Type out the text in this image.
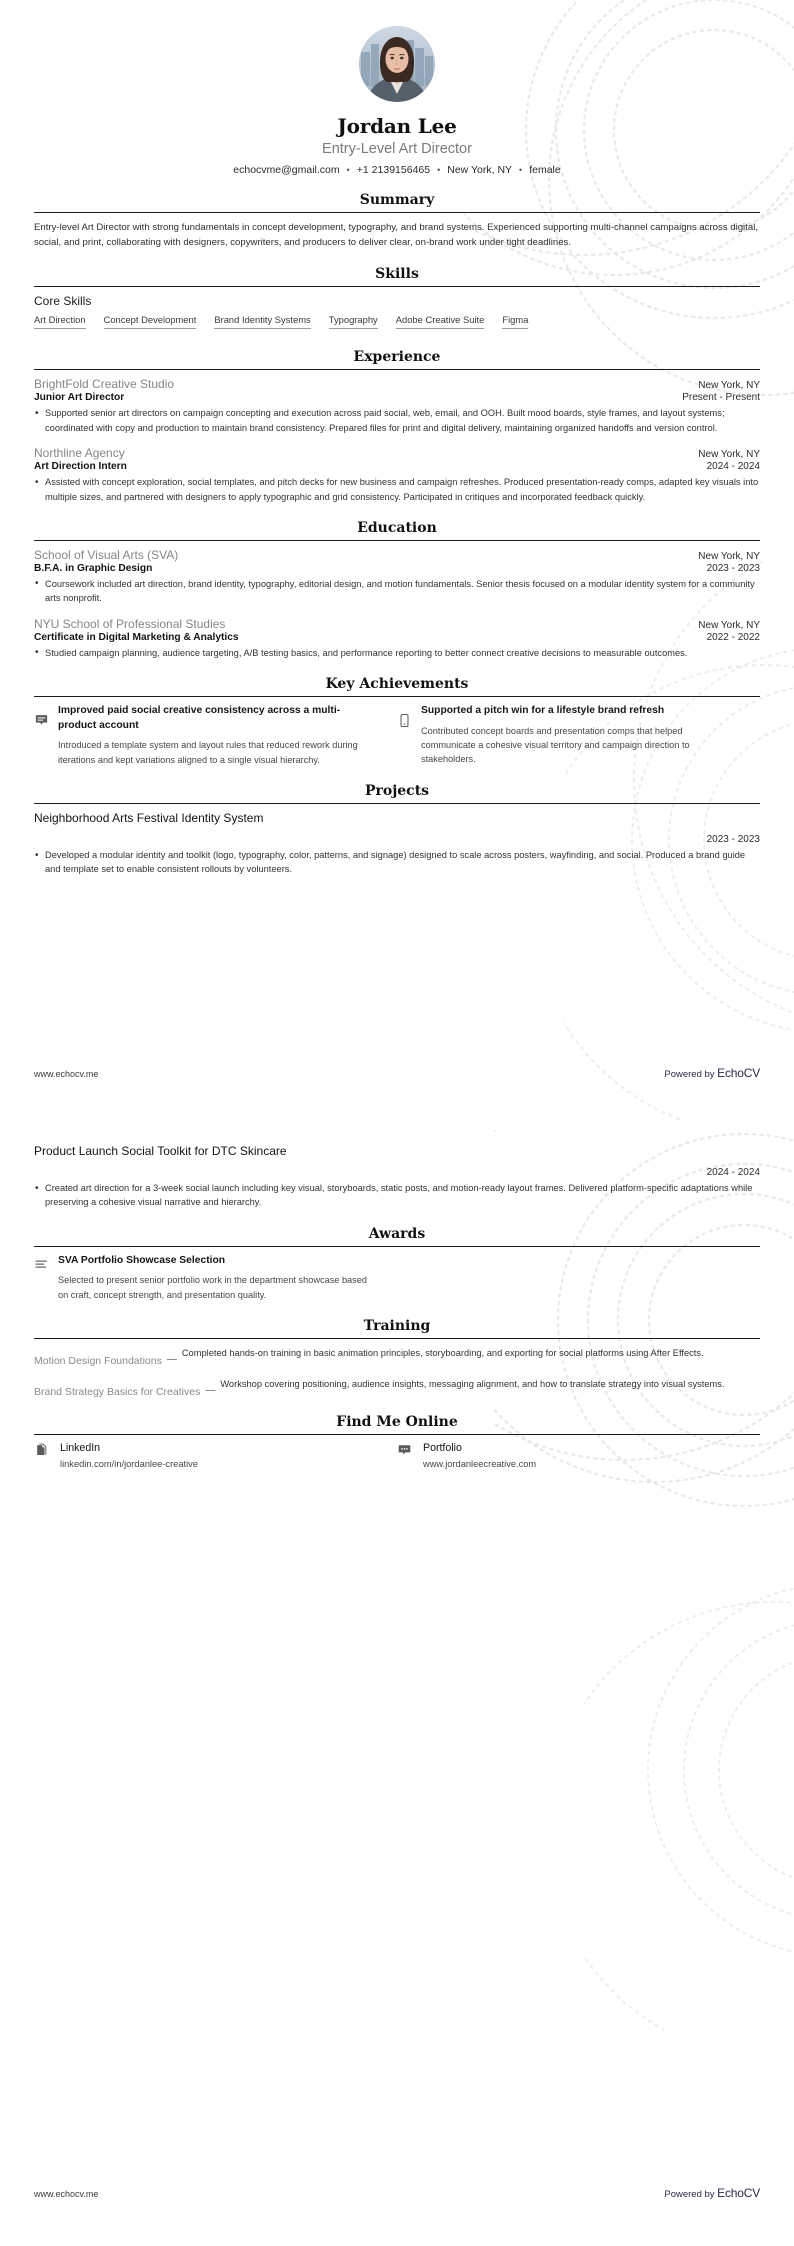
Jordan Lee
Entry-Level Art Director
echocvme@gmail.com • +1 2139156465 • New York, NY • female
Summary
Entry-level Art Director with strong fundamentals in concept development, typography, and brand systems. Experienced supporting multi-channel campaigns across digital, social, and print, collaborating with designers, copywriters, and producers to deliver clear, on-brand work under tight deadlines.
Skills
Core Skills
Art Direction Concept Development Brand Identity Systems Typography Adobe Creative Suite Figma
Experience
BrightFold Creative Studio	New York, NY
Junior Art Director	Present - Present
• Supported senior art directors on campaign concepting and execution across paid social, web, email, and OOH. Built mood boards, style frames, and layout systems; coordinated with copy and production to maintain brand consistency. Prepared files for print and digital delivery, maintaining organized handoffs and version control.
Northline Agency	New York, NY
Art Direction Intern	2024 - 2024
• Assisted with concept exploration, social templates, and pitch decks for new business and campaign refreshes. Produced presentation-ready comps, adapted key visuals into multiple sizes, and partnered with designers to apply typographic and grid consistency. Participated in critiques and incorporated feedback quickly.
Education
School of Visual Arts (SVA)	New York, NY
B.F.A. in Graphic Design	2023 - 2023
• Coursework included art direction, brand identity, typography, editorial design, and motion fundamentals. Senior thesis focused on a modular identity system for a community arts nonprofit.
NYU School of Professional Studies	New York, NY
Certificate in Digital Marketing & Analytics	2022 - 2022
• Studied campaign planning, audience targeting, A/B testing basics, and performance reporting to better connect creative decisions to measurable outcomes.
Key Achievements
Improved paid social creative consistency across a multi-product account
Introduced a template system and layout rules that reduced rework during iterations and kept variations aligned to a single visual hierarchy.
Supported a pitch win for a lifestyle brand refresh
Contributed concept boards and presentation comps that helped communicate a cohesive visual territory and campaign direction to stakeholders.
Projects
Neighborhood Arts Festival Identity System
2023 - 2023
• Developed a modular identity and toolkit (logo, typography, color, patterns, and signage) designed to scale across posters, wayfinding, and social. Produced a brand guide and template set to enable consistent rollouts by volunteers.
www.echocv.me	Powered by EchoCV
Product Launch Social Toolkit for DTC Skincare
2024 - 2024
• Created art direction for a 3-week social launch including key visual, storyboards, static posts, and motion-ready layout frames. Delivered platform-specific adaptations while preserving a cohesive visual narrative and hierarchy.
Awards
SVA Portfolio Showcase Selection
Selected to present senior portfolio work in the department showcase based on craft, concept strength, and presentation quality.
Training
Motion Design Foundations —
Completed hands-on training in basic animation principles, storyboarding, and exporting for social platforms using After Effects.
Brand Strategy Basics for Creatives —
Workshop covering positioning, audience insights, messaging alignment, and how to translate strategy into visual systems.
Find Me Online
LinkedIn
linkedin.com/in/jordanlee-creative
Portfolio
www.jordanleecreative.com
www.echocv.me	Powered by EchoCV
